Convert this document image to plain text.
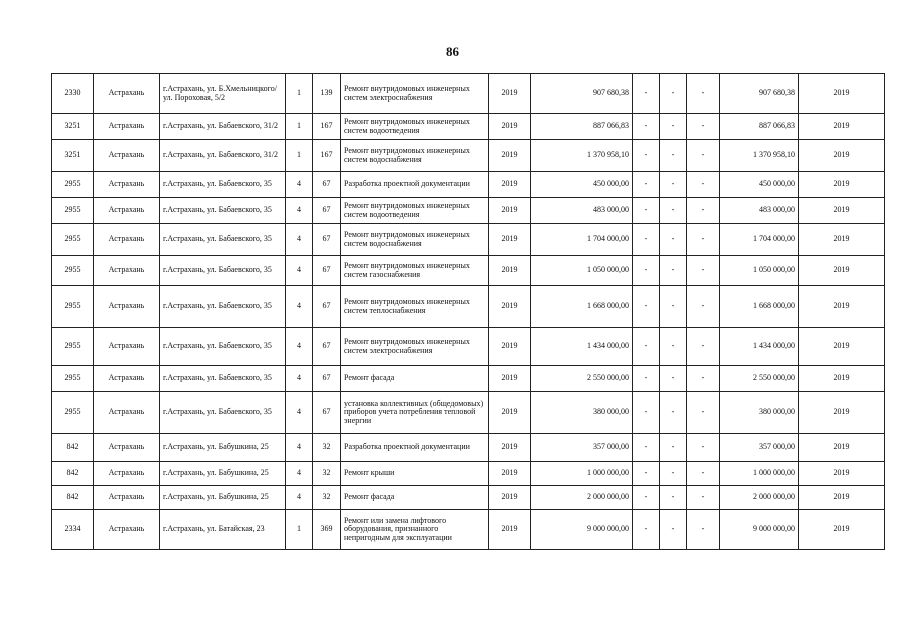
86
2330	Астрахань	г.Астрахань, ул. Б.Хмельницкого/ул. Пороховая, 5/2	1	139	Ремонт внутридомовых инженерных систем электроснабжения	2019	907 680,38	-	-	-	907 680,38	2019
3251	Астрахань	г.Астрахань, ул. Бабаевского, 31/2	1	167	Ремонт внутридомовых инженерных систем водоотведения	2019	887 066,83	-	-	-	887 066,83	2019
3251	Астрахань	г.Астрахань, ул. Бабаевского, 31/2	1	167	Ремонт внутридомовых инженерных систем водоснабжения	2019	1 370 958,10	-	-	-	1 370 958,10	2019
2955	Астрахань	г.Астрахань, ул. Бабаевского, 35	4	67	Разработка проектной документации	2019	450 000,00	-	-	-	450 000,00	2019
2955	Астрахань	г.Астрахань, ул. Бабаевского, 35	4	67	Ремонт внутридомовых инженерных систем водоотведения	2019	483 000,00	-	-	-	483 000,00	2019
2955	Астрахань	г.Астрахань, ул. Бабаевского, 35	4	67	Ремонт внутридомовых инженерных систем водоснабжения	2019	1 704 000,00	-	-	-	1 704 000,00	2019
2955	Астрахань	г.Астрахань, ул. Бабаевского, 35	4	67	Ремонт внутридомовых инженерных систем газоснабжения	2019	1 050 000,00	-	-	-	1 050 000,00	2019
2955	Астрахань	г.Астрахань, ул. Бабаевского, 35	4	67	Ремонт внутридомовых инженерных систем теплоснабжения	2019	1 668 000,00	-	-	-	1 668 000,00	2019
2955	Астрахань	г.Астрахань, ул. Бабаевского, 35	4	67	Ремонт внутридомовых инженерных систем электроснабжения	2019	1 434 000,00	-	-	-	1 434 000,00	2019
2955	Астрахань	г.Астрахань, ул. Бабаевского, 35	4	67	Ремонт фасада	2019	2 550 000,00	-	-	-	2 550 000,00	2019
2955	Астрахань	г.Астрахань, ул. Бабаевского, 35	4	67	установка коллективных (общедомовых) приборов учета потребления тепловой энергии	2019	380 000,00	-	-	-	380 000,00	2019
842	Астрахань	г.Астрахань, ул. Бабушкина, 25	4	32	Разработка проектной документации	2019	357 000,00	-	-	-	357 000,00	2019
842	Астрахань	г.Астрахань, ул. Бабушкина, 25	4	32	Ремонт крыши	2019	1 000 000,00	-	-	-	1 000 000,00	2019
842	Астрахань	г.Астрахань, ул. Бабушкина, 25	4	32	Ремонт фасада	2019	2 000 000,00	-	-	-	2 000 000,00	2019
2334	Астрахань	г.Астрахань, ул. Батайская, 23	1	369	Ремонт или замена лифтового оборудования, признанного непригодным для эксплуатации	2019	9 000 000,00	-	-	-	9 000 000,00	2019
